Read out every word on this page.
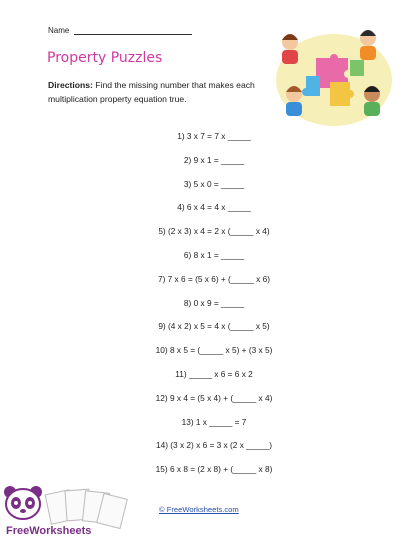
Name
Property Puzzles
Directions: Find the missing number that makes each multiplication property equation true.
1) 3 x 7 = 7 x _____
2) 9 x 1 = _____
3) 5 x 0 = _____
4) 6 x 4 = 4 x _____
5) (2 x 3) x 4 = 2 x (_____ x 4)
6) 8 x 1 = _____
7) 7 x 6 = (5 x 6) + (_____ x 6)
8) 0 x 9 = _____
9) (4 x 2) x 5 = 4 x (_____ x 5)
10) 8 x 5 = (_____ x 5) + (3 x 5)
11) _____ x 6 = 6 x 2
12) 9 x 4 = (5 x 4) + (_____ x 4)
13) 1 x _____ = 7
14) (3 x 2) x 6 = 3 x (2 x _____)
15) 6 x 8 = (2 x 8) + (_____ x 8)
FreeWorksheets
© FreeWorksheets.com
